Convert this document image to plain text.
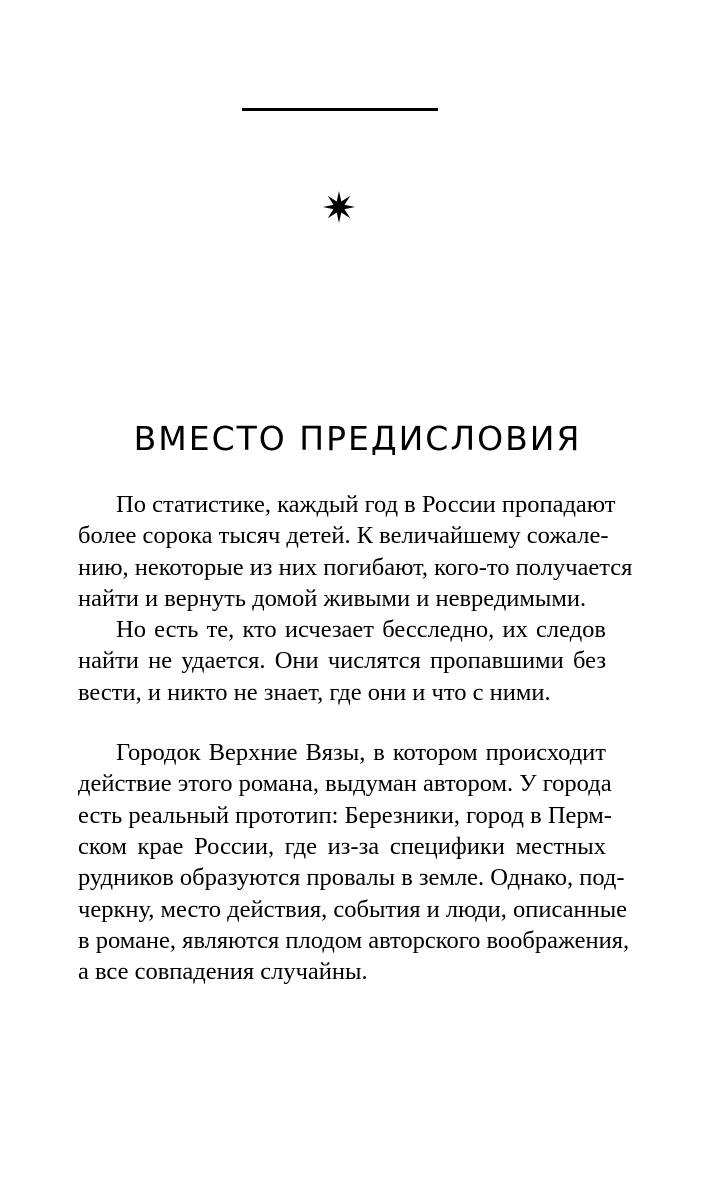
ВМЕСТО ПРЕДИСЛОВИЯ
По статистике, каждый год в России пропадают
более сорока тысяч детей. К величайшему сожале-
нию, некоторые из них погибают, кого-то получается
найти и вернуть домой живыми и невредимыми.
Но есть те, кто исчезает бесследно, их следов
найти не удается. Они числятся пропавшими без
вести, и никто не знает, где они и что с ними.
Городок Верхние Вязы, в котором происходит
действие этого романа, выдуман автором. У города
есть реальный прототип: Березники, город в Перм-
ском крае России, где из-за специфики местных
рудников образуются провалы в земле. Однако, под-
черкну, место действия, события и люди, описанные
в романе, являются плодом авторского воображения,
а все совпадения случайны.
